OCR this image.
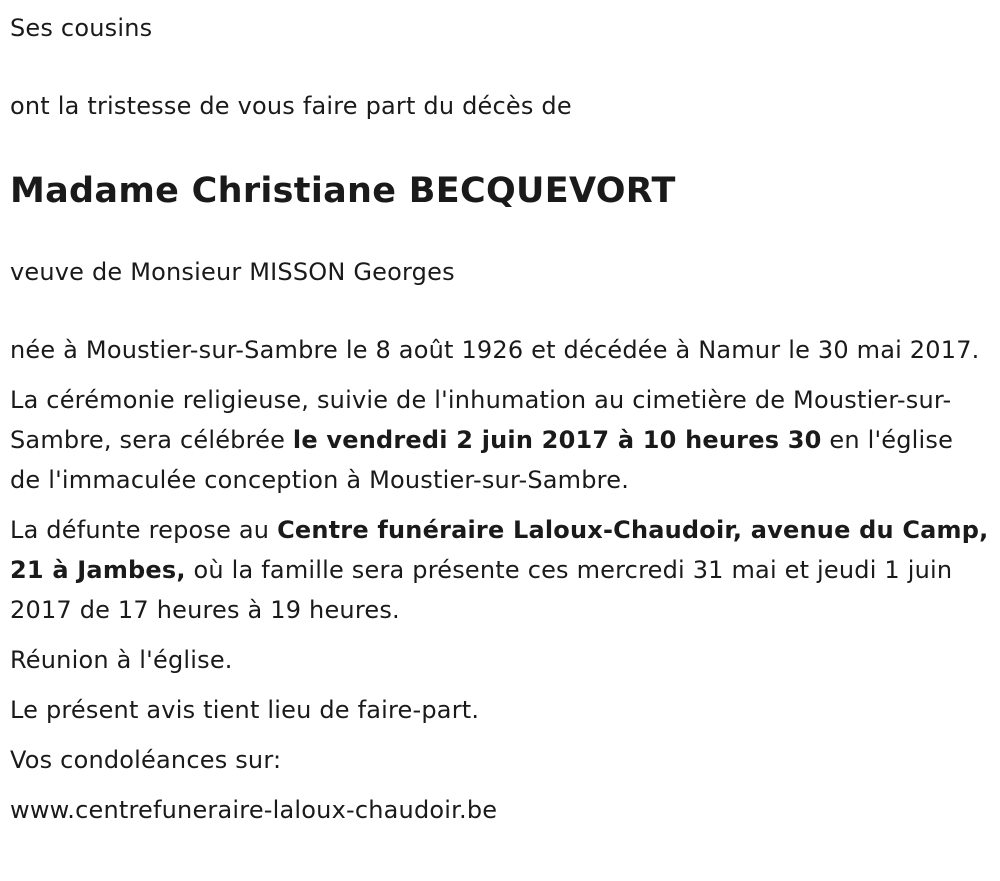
Ses cousins

ont la tristesse de vous faire part du décès de

Madame Christiane BECQUEVORT

veuve de Monsieur MISSON Georges

née à Moustier-sur-Sambre le 8 août 1926 et décédée à Namur le 30 mai 2017.

La cérémonie religieuse, suivie de l'inhumation au cimetière de Moustier-sur-Sambre, sera célébrée le vendredi 2 juin 2017 à 10 heures 30 en l'église de l'immaculée conception à Moustier-sur-Sambre.

La défunte repose au Centre funéraire Laloux-Chaudoir, avenue du Camp, 21 à Jambes, où la famille sera présente ces mercredi 31 mai et jeudi 1 juin 2017 de 17 heures à 19 heures.

Réunion à l'église.

Le présent avis tient lieu de faire-part.

Vos condoléances sur:

www.centrefuneraire-laloux-chaudoir.be
